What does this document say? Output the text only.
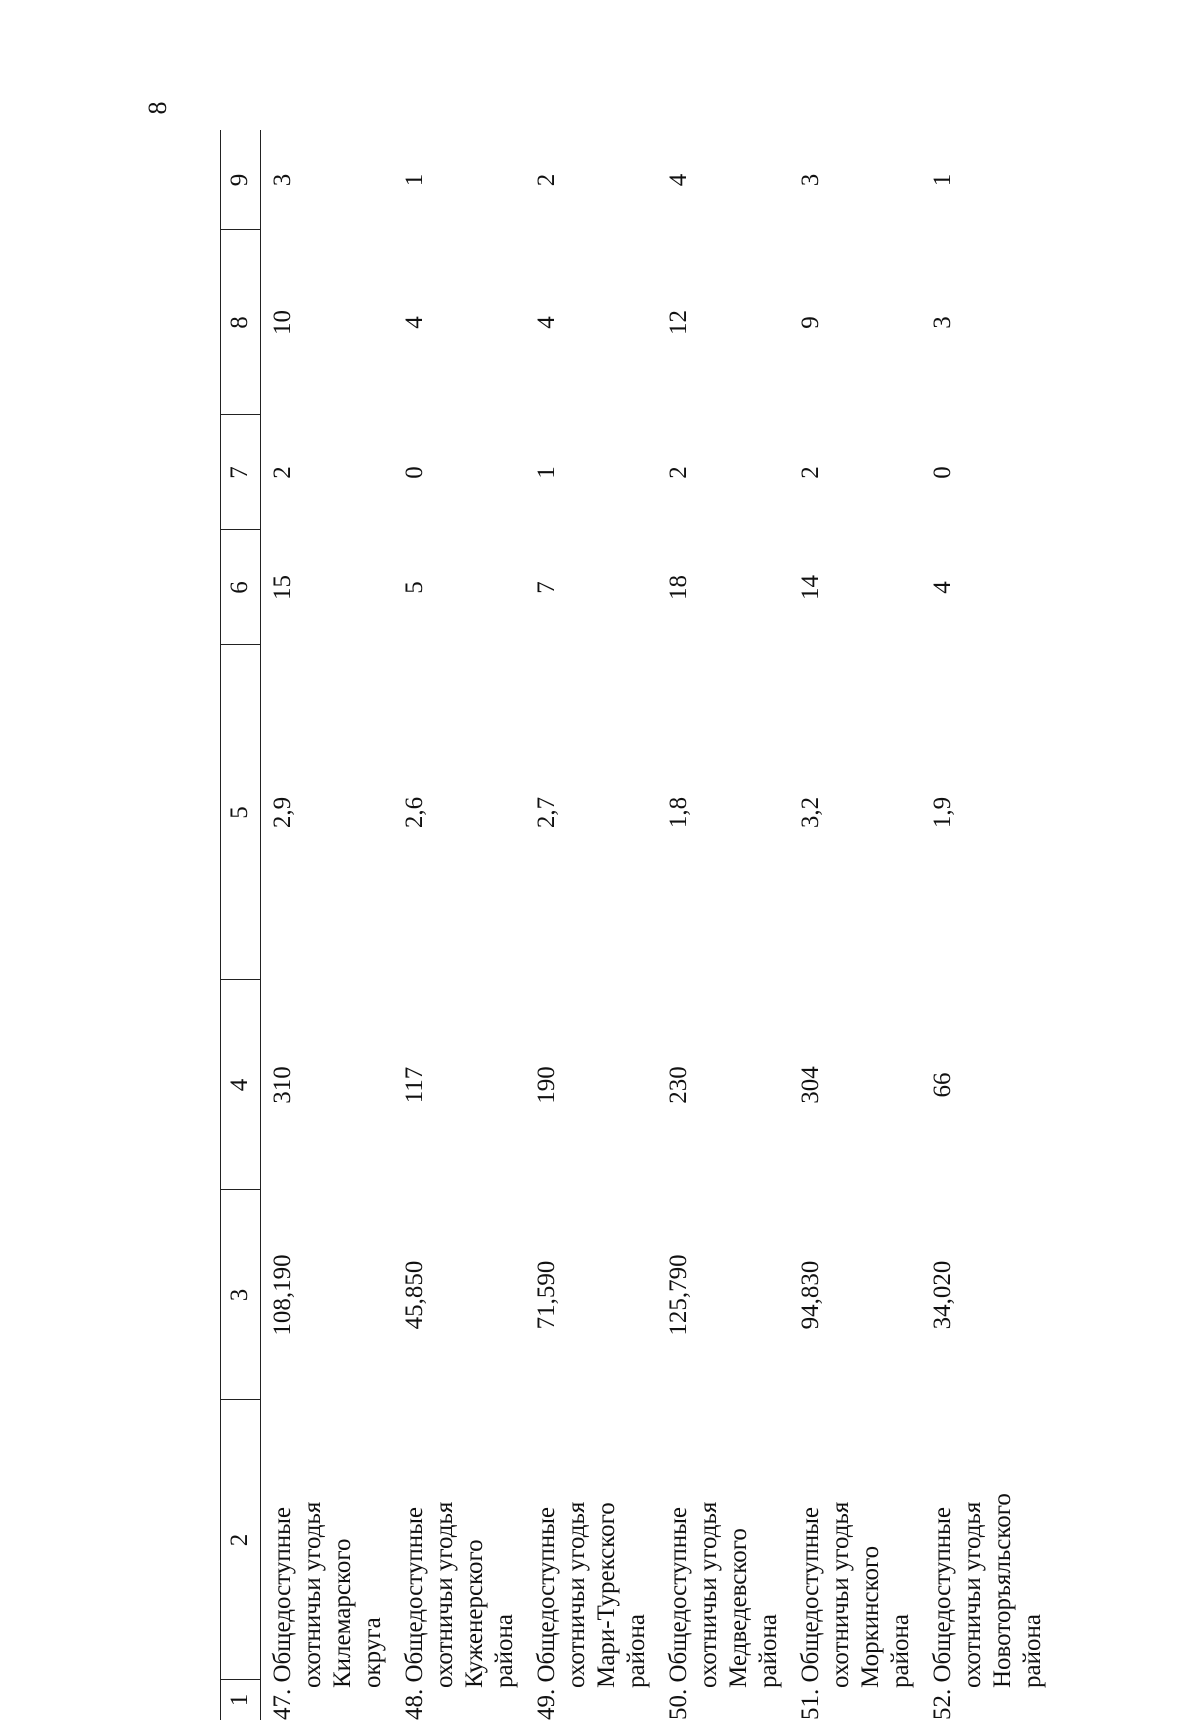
8
1
2
3
4
5
6
7
8
9
47. Общедоступные охотничьи угодья Килемарского округа
108,190
310
2,9
15
2
10
3
48. Общедоступные охотничьи угодья Куженерского района
45,850
117
2,6
5
0
4
1
49. Общедоступные охотничьи угодья Мари-Турекского района
71,590
190
2,7
7
1
4
2
50. Общедоступные охотничьи угодья Медведевского района
125,790
230
1,8
18
2
12
4
51. Общедоступные охотничьи угодья Моркинского района
94,830
304
3,2
14
2
9
3
52. Общедоступные охотничьи угодья Новоторъяльского района
34,020
66
1,9
4
0
3
1
